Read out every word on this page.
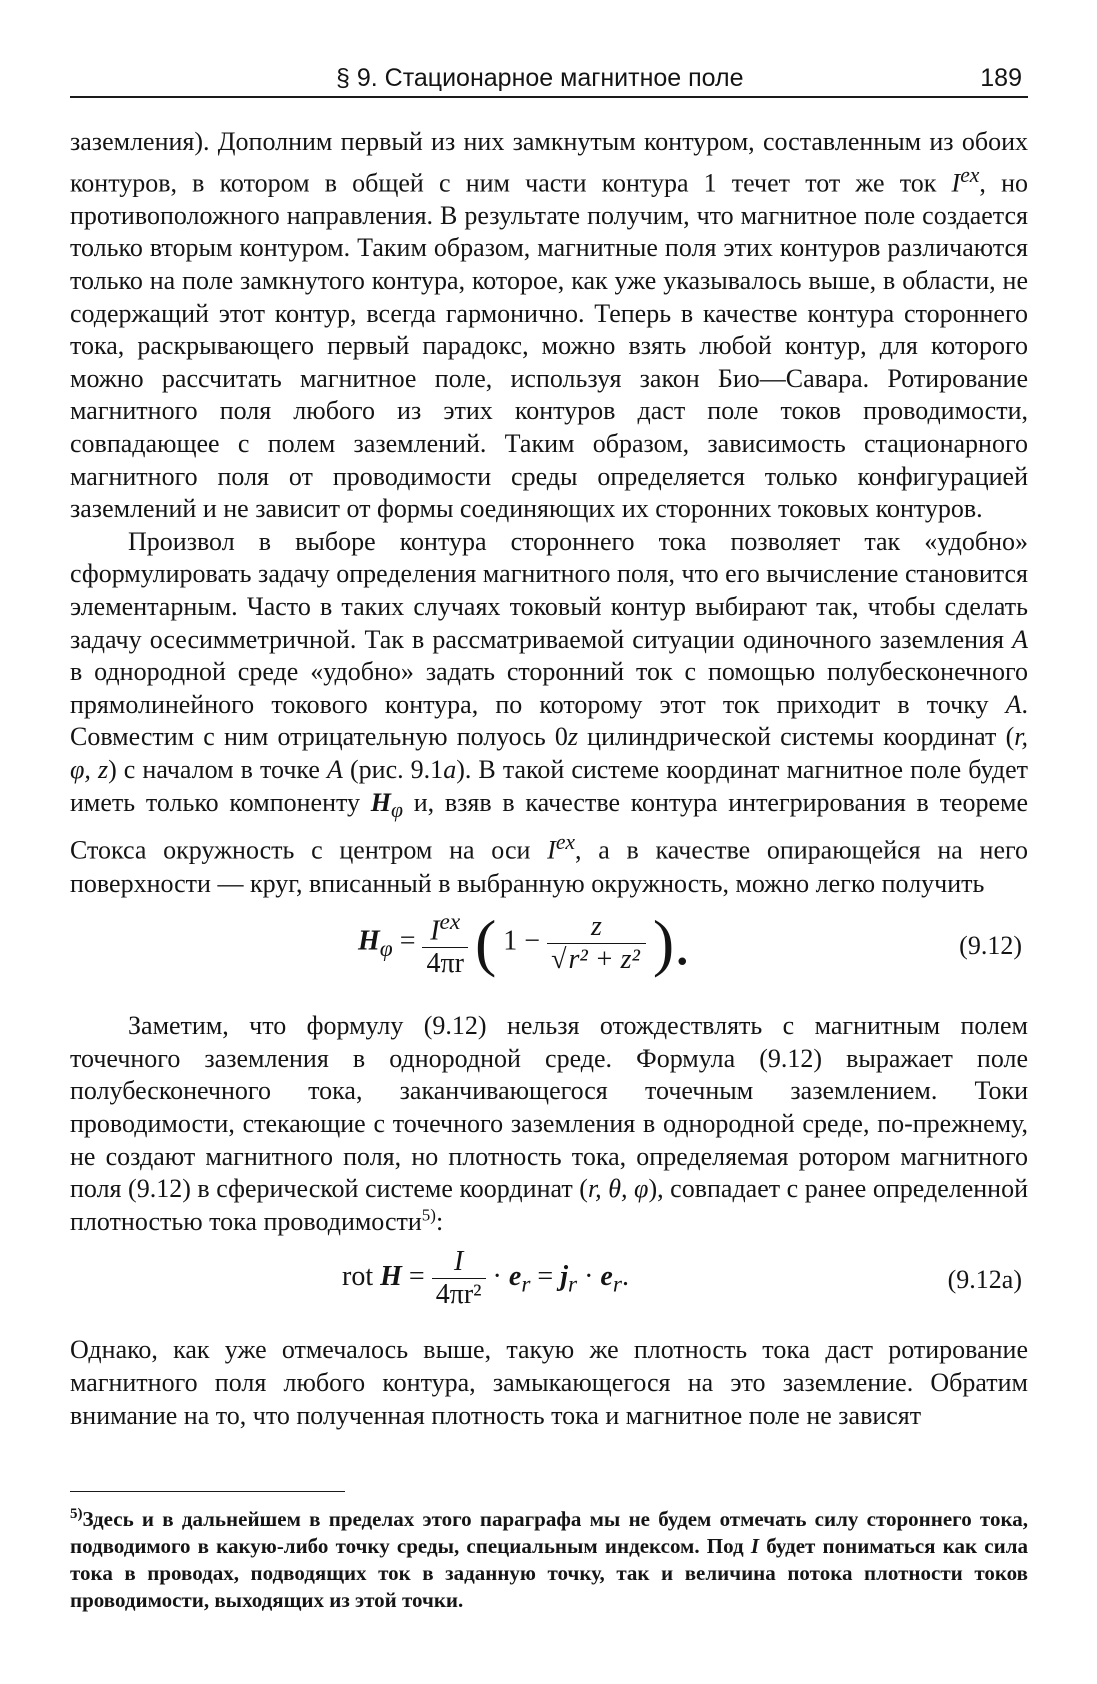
§ 9. Стационарное магнитное поле	189

заземления). Дополним первый из них замкнутым контуром, составленным из обоих контуров, в котором в общей с ним части контура 1 течет тот же ток $I^{ex}$, но противоположного направления. В результате получим, что магнитное поле создается только вторым контуром. Таким образом, магнитные поля этих контуров различаются только на поле замкнутого контура, которое, как уже указывалось выше, в области, не содержащий этот контур, всегда гармонично. Теперь в качестве контура стороннего тока, раскрывающего первый парадокс, можно взять любой контур, для которого можно рассчитать магнитное поле, используя закон Био—Савара. Ротирование магнитного поля любого из этих контуров даст поле токов проводимости, совпадающее с полем заземлений. Таким образом, зависимость стационарного магнитного поля от проводимости среды определяется только конфигурацией заземлений и не зависит от формы соединяющих их сторонних токовых контуров.

Произвол в выборе контура стороннего тока позволяет так «удобно» сформулировать задачу определения магнитного поля, что его вычисление становится элементарным. Часто в таких случаях токовый контур выбирают так, чтобы сделать задачу осесимметричной. Так в рассматриваемой ситуации одиночного заземления A в однородной среде «удобно» задать сторонний ток с помощью полубесконечного прямолинейного токового контура, по которому этот ток приходит в точку A. Совместим с ним отрицательную полуось 0z цилиндрической системы координат (r, φ, z) с началом в точке A (рис. 9.1a). В такой системе координат магнитное поле будет иметь только компоненту $H_\varphi$ и, взяв в качестве контура интегрирования в теореме Стокса окружность с центром на оси $I^{ex}$, а в качестве опирающейся на него поверхности — круг, вписанный в выбранную окружность, можно легко получить

$H_\varphi = \frac{I^{ex}}{4\pi r}$ ( $1 - \frac{z}{\text{√r² + z²}}$ ).	(9.12)

Заметим, что формулу (9.12) нельзя отождествлять с магнитным полем точечного заземления в однородной среде. Формула (9.12) выражает поле полубесконечного тока, заканчивающегося точечным заземлением. Токи проводимости, стекающие с точечного заземления в однородной среде, по-прежнему, не создают магнитного поля, но плотность тока, определяемая ротором магнитного поля (9.12) в сферической системе координат (r, θ, φ), совпадает с ранее определенной плотностью тока проводимости$^{5)}$:

rot $H = \frac{I}{\text{4πr²}} \cdot e_r = j_r \cdot e_r$.	(9.12a)

Однако, как уже отмечалось выше, такую же плотность тока даст ротирование магнитного поля любого контура, замыкающегося на это заземление. Обратим внимание на то, что полученная плотность тока и магнитное поле не зависят

$^{5)}$Здесь и в дальнейшем в пределах этого параграфа мы не будем отмечать силу стороннего тока, подводимого в какую-либо точку среды, специальным индексом. Под I будет пониматься как сила тока в проводах, подводящих ток в заданную точку, так и величина потока плотности токов проводимости, выходящих из этой точки.
